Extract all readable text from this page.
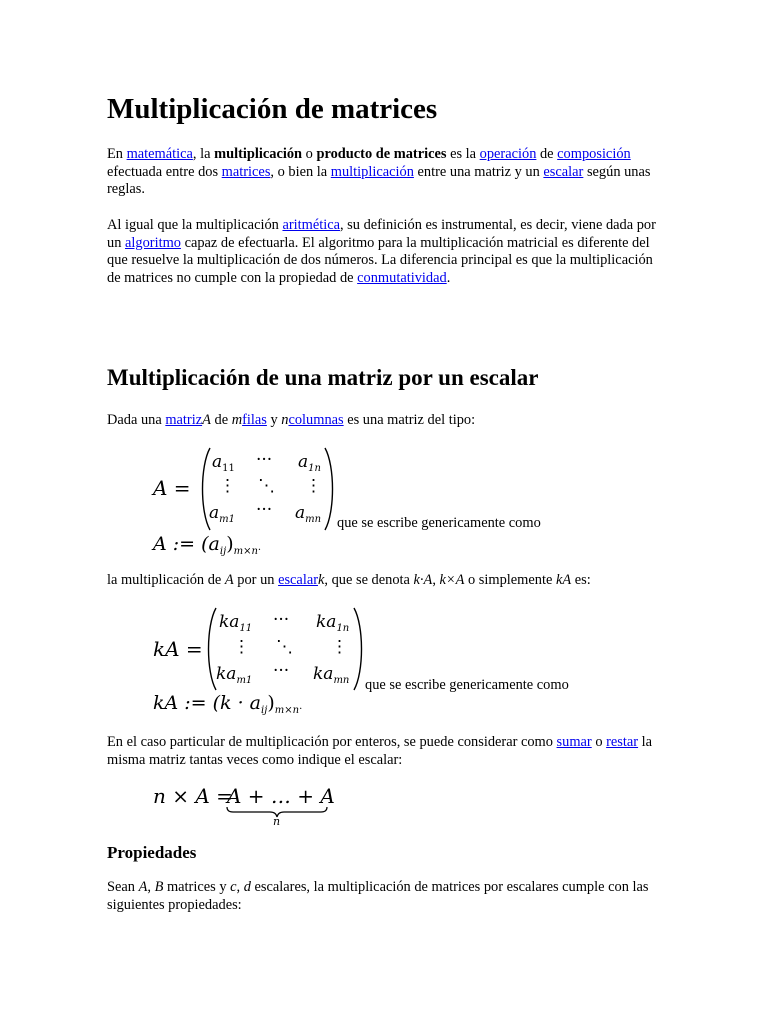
Multiplicación de matrices

En matemática, la multiplicación o producto de matrices es la operación de composición efectuada entre dos matrices, o bien la multiplicación entre una matriz y un escalar según unas reglas.

Al igual que la multiplicación aritmética, su definición es instrumental, es decir, viene dada por un algoritmo capaz de efectuarla. El algoritmo para la multiplicación matricial es diferente del que resuelve la multiplicación de dos números. La diferencia principal es que la multiplicación de matrices no cumple con la propiedad de conmutatividad.

Multiplicación de una matriz por un escalar

Dada una matrizA de mfilas y ncolumnas es una matriz del tipo:

A =
$a_{11}$ ··· $a_{1n}$
⋮ ⋱ ⋮
$a_{m1}$ ··· $a_{mn}$ que se escribe genericamente como
A := $(a_{ij})_{m\times n}$.

la multiplicación de A por un escalark, que se denota k·A, k×A o simplemente kA es:

kA =
$ka_{11}$ ··· $ka_{1n}$
⋮ ⋱ ⋮
$ka_{m1}$ ··· $ka_{mn}$ que se escribe genericamente como
kA := $(k \cdot a_{ij})_{m\times n}$.

En el caso particular de multiplicación por enteros, se puede considerar como sumar o restar la misma matriz tantas veces como indique el escalar:

n × A =
A + … + A
n
Propiedades

Sean A, B matrices y c, d escalares, la multiplicación de matrices por escalares cumple con las siguientes propiedades:
